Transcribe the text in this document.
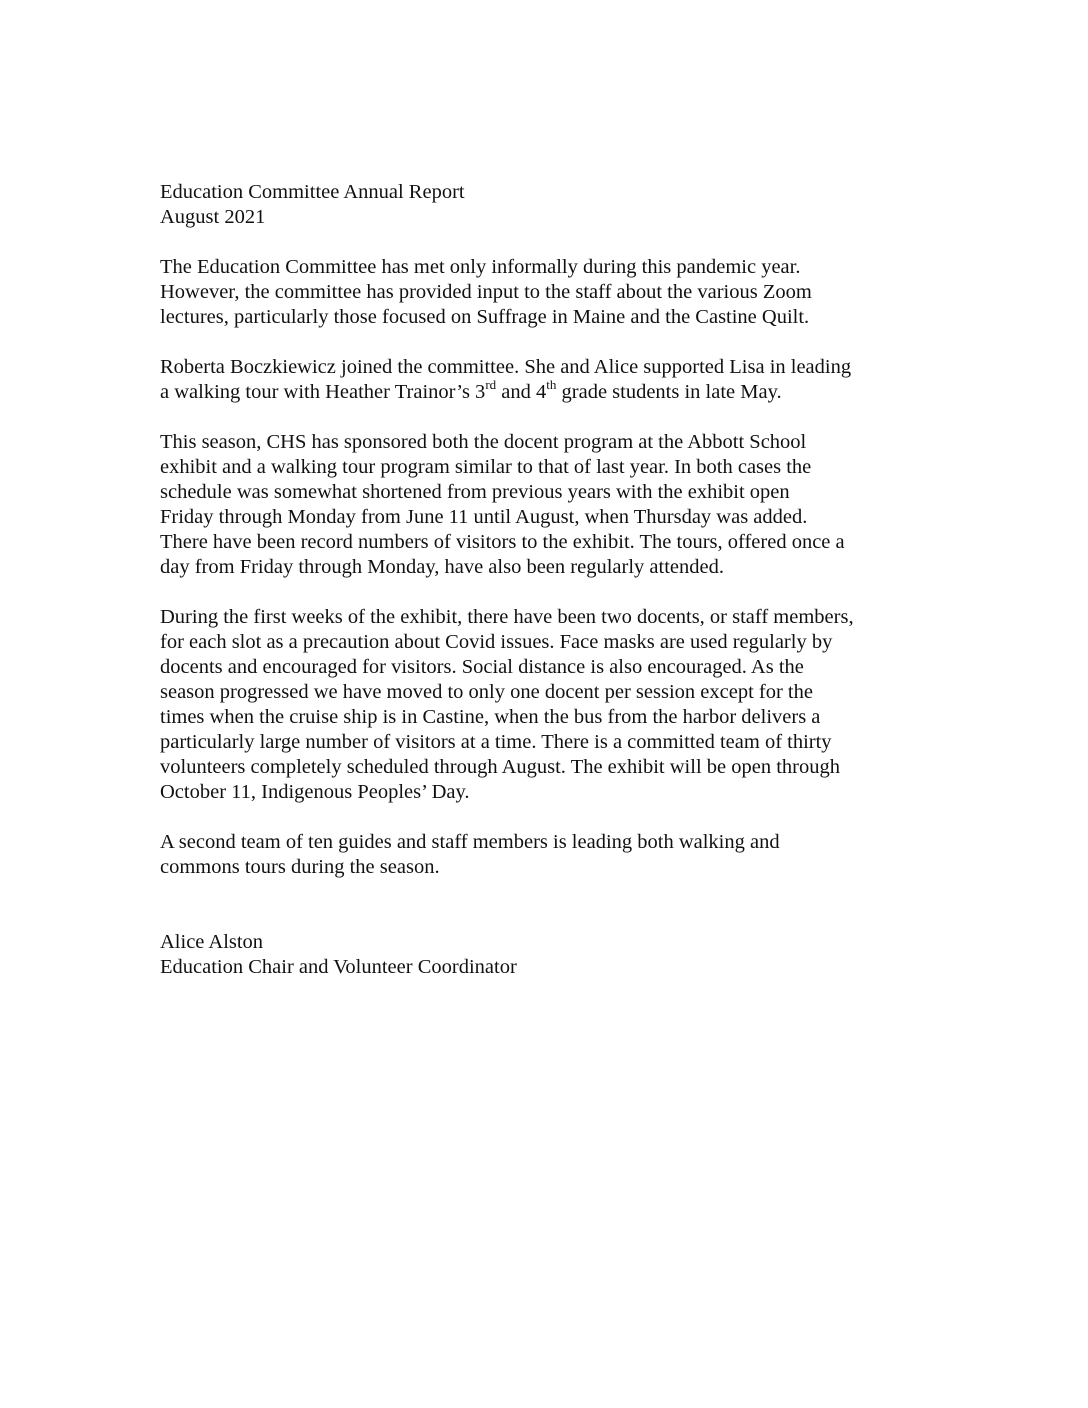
Education Committee Annual Report
August 2021

The Education Committee has met only informally during this pandemic year.
However, the committee has provided input to the staff about the various Zoom
lectures, particularly those focused on Suffrage in Maine and the Castine Quilt.

Roberta Boczkiewicz joined the committee. She and Alice supported Lisa in leading
a walking tour with Heather Trainor’s 3rd and 4th grade students in late May.

This season, CHS has sponsored both the docent program at the Abbott School
exhibit and a walking tour program similar to that of last year. In both cases the
schedule was somewhat shortened from previous years with the exhibit open
Friday through Monday from June 11 until August, when Thursday was added.
There have been record numbers of visitors to the exhibit. The tours, offered once a
day from Friday through Monday, have also been regularly attended.

During the first weeks of the exhibit, there have been two docents, or staff members,
for each slot as a precaution about Covid issues. Face masks are used regularly by
docents and encouraged for visitors. Social distance is also encouraged. As the
season progressed we have moved to only one docent per session except for the
times when the cruise ship is in Castine, when the bus from the harbor delivers a
particularly large number of visitors at a time. There is a committed team of thirty
volunteers completely scheduled through August. The exhibit will be open through
October 11, Indigenous Peoples’ Day.

A second team of ten guides and staff members is leading both walking and
commons tours during the season.

Alice Alston
Education Chair and Volunteer Coordinator
